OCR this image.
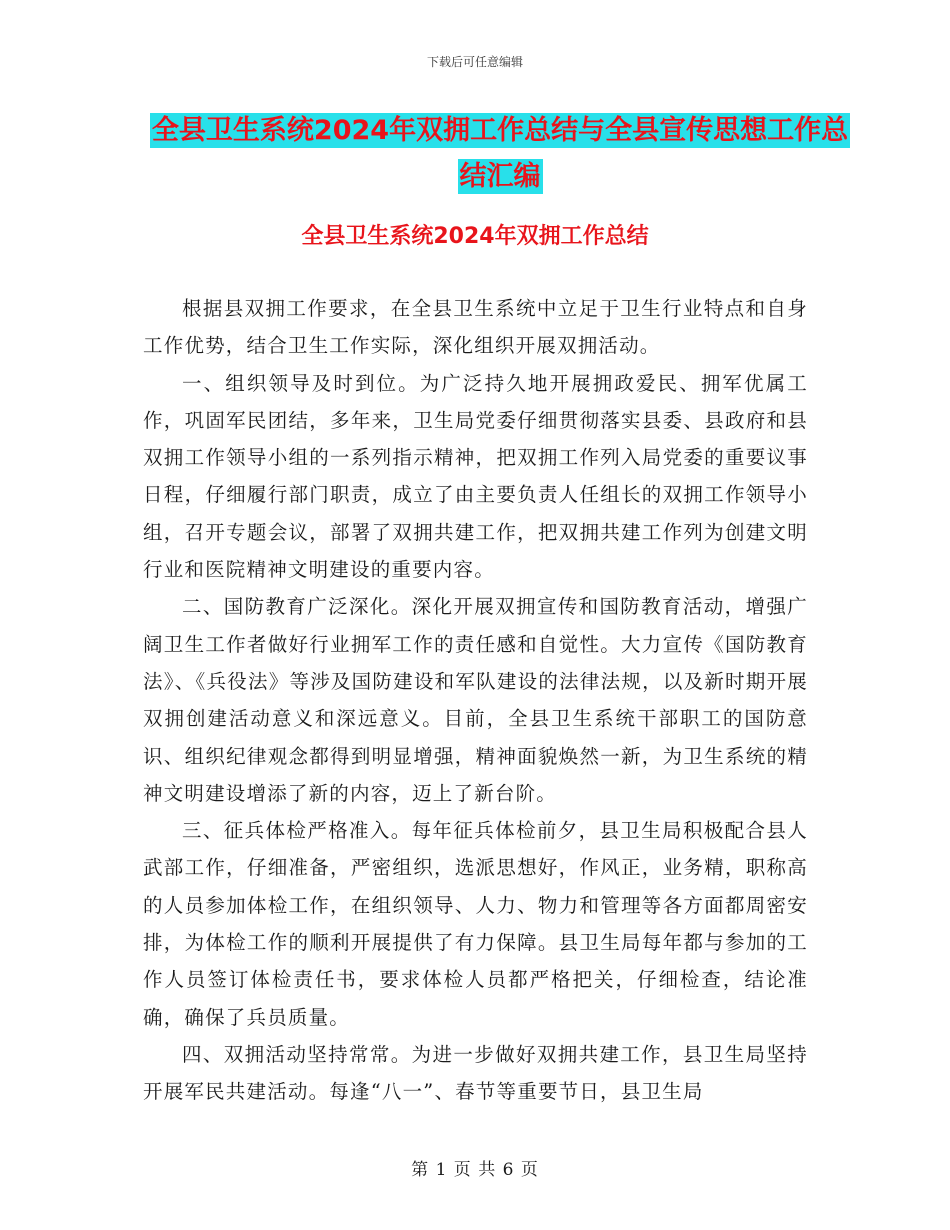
下载后可任意编辑
全县卫生系统2024年双拥工作总结与全县宣传思想工作总结汇编
全县卫生系统2024年双拥工作总结

根据县双拥工作要求，在全县卫生系统中立足于卫生行业特点和自身工作优势，结合卫生工作实际，深化组织开展双拥活动。

一、组织领导及时到位。为广泛持久地开展拥政爱民、拥军优属工作，巩固军民团结，多年来，卫生局党委仔细贯彻落实县委、县政府和县双拥工作领导小组的一系列指示精神，把双拥工作列入局党委的重要议事日程，仔细履行部门职责，成立了由主要负责人任组长的双拥工作领导小组，召开专题会议，部署了双拥共建工作，把双拥共建工作列为创建文明行业和医院精神文明建设的重要内容。

二、国防教育广泛深化。深化开展双拥宣传和国防教育活动，增强广阔卫生工作者做好行业拥军工作的责任感和自觉性。大力宣传《国防教育法》、《兵役法》等涉及国防建设和军队建设的法律法规，以及新时期开展双拥创建活动意义和深远意义。目前，全县卫生系统干部职工的国防意识、组织纪律观念都得到明显增强，精神面貌焕然一新，为卫生系统的精神文明建设增添了新的内容，迈上了新台阶。

三、征兵体检严格准入。每年征兵体检前夕，县卫生局积极配合县人武部工作，仔细准备，严密组织，选派思想好，作风正，业务精，职称高的人员参加体检工作，在组织领导、人力、物力和管理等各方面都周密安排，为体检工作的顺利开展提供了有力保障。县卫生局每年都与参加的工作人员签订体检责任书，要求体检人员都严格把关，仔细检查，结论准确，确保了兵员质量。

四、双拥活动坚持常常。为进一步做好双拥共建工作，县卫生局坚持开展军民共建活动。每逢“八一”、春节等重要节日，县卫生局

第 1 页 共 6 页
